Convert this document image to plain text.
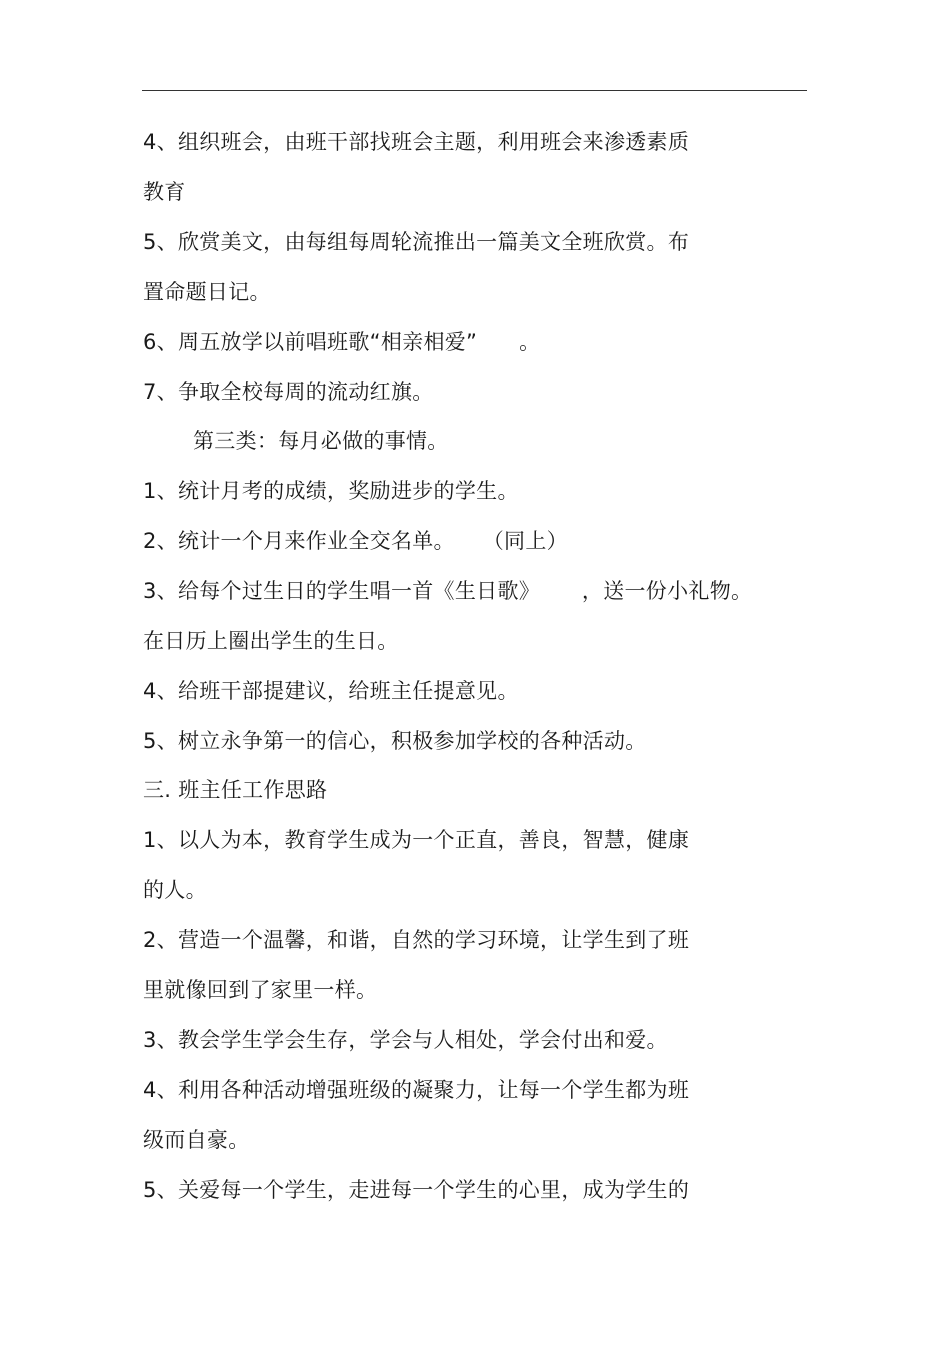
4、组织班会，由班干部找班会主题，利用班会来渗透素质
教育
5、欣赏美文，由每组每周轮流推出一篇美文全班欣赏。布
置命题日记。
6、周五放学以前唱班歌“相亲相爱”      。
7、争取全校每周的流动红旗。
第三类：每月必做的事情。
1、统计月考的成绩，奖励进步的学生。
2、统计一个月来作业全交名单。    （同上）
3、给每个过生日的学生唱一首《生日歌》      ，送一份小礼物。
在日历上圈出学生的生日。
4、给班干部提建议，给班主任提意见。
5、树立永争第一的信心，积极参加学校的各种活动。
三. 班主任工作思路
1、以人为本，教育学生成为一个正直，善良，智慧，健康
的人。
2、营造一个温馨，和谐，自然的学习环境，让学生到了班
里就像回到了家里一样。
3、教会学生学会生存，学会与人相处，学会付出和爱。
4、利用各种活动增强班级的凝聚力，让每一个学生都为班
级而自豪。
5、关爱每一个学生，走进每一个学生的心里，成为学生的
